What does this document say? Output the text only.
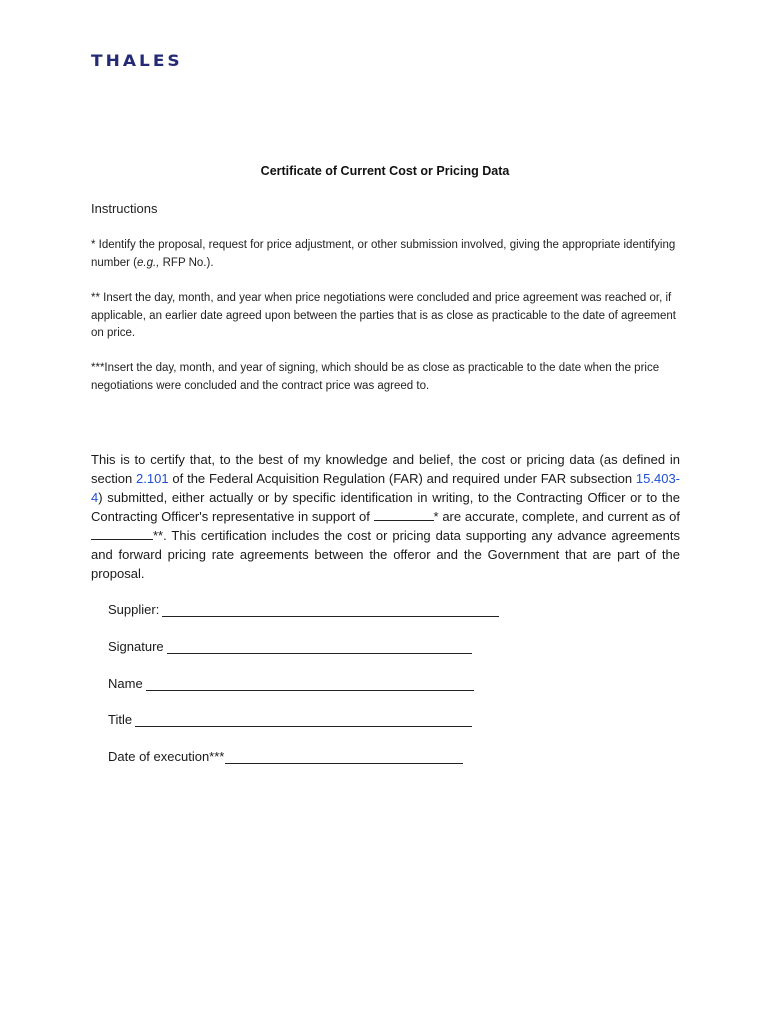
THALES
Certificate of Current Cost or Pricing Data
Instructions
* Identify the proposal, request for price adjustment, or other submission involved, giving the appropriate identifying number (e.g., RFP No.).
** Insert the day, month, and year when price negotiations were concluded and price agreement was reached or, if applicable, an earlier date agreed upon between the parties that is as close as practicable to the date of agreement on price.
***Insert the day, month, and year of signing, which should be as close as practicable to the date when the price negotiations were concluded and the contract price was agreed to.
This is to certify that, to the best of my knowledge and belief, the cost or pricing data (as defined in section 2.101 of the Federal Acquisition Regulation (FAR) and required under FAR subsection 15.403-4) submitted, either actually or by specific identification in writing, to the Contracting Officer or to the Contracting Officer's representative in support of	* are accurate, complete, and current as of **. This certification includes the cost or pricing data supporting any advance agreements and forward pricing rate agreements between the offeror and the Government that are part of the proposal.
Supplier:
Signature
Name
Title
Date of execution***
